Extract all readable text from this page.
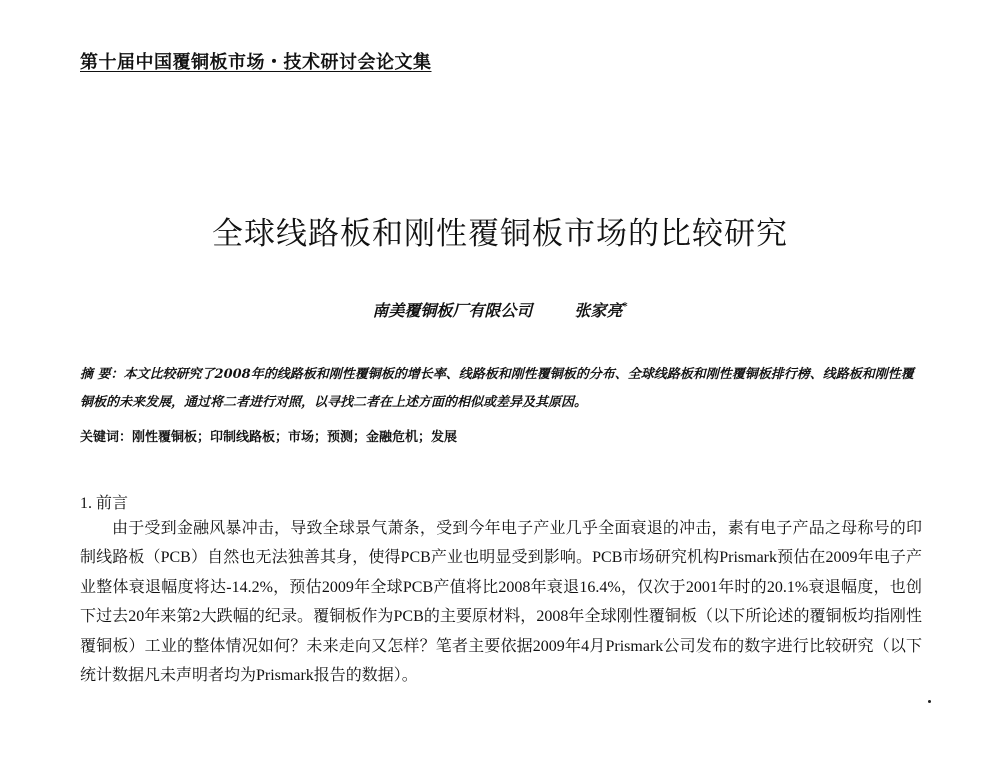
第十届中国覆铜板市场・技术研讨会论文集
全球线路板和刚性覆铜板市场的比较研究
南美覆铜板厂有限公司	张家亮*
摘 要：本文比较研究了2008年的线路板和刚性覆铜板的增长率、线路板和刚性覆铜板的分布、全球线路板和刚性覆铜板排行榜、线路板和刚性覆铜板的未来发展，通过将二者进行对照，以寻找二者在上述方面的相似或差异及其原因。
关键词：刚性覆铜板；印制线路板；市场；预测；金融危机；发展
1. 前言
由于受到金融风暴冲击，导致全球景气萧条，受到今年电子产业几乎全面衰退的冲击，素有电子产品之母称号的印制线路板（PCB）自然也无法独善其身，使得PCB产业也明显受到影响。PCB市场研究机构Prismark预估在2009年电子产业整体衰退幅度将达-14.2%，预估2009年全球PCB产值将比2008年衰退16.4%，仅次于2001年时的20.1%衰退幅度，也创下过去20年来第2大跌幅的纪录。覆铜板作为PCB的主要原材料，2008年全球刚性覆铜板（以下所论述的覆铜板均指刚性覆铜板）工业的整体情况如何？未来走向又怎样？笔者主要依据2009年4月Prismark公司发布的数字进行比较研究（以下统计数据凡未声明者均为Prismark报告的数据）。
